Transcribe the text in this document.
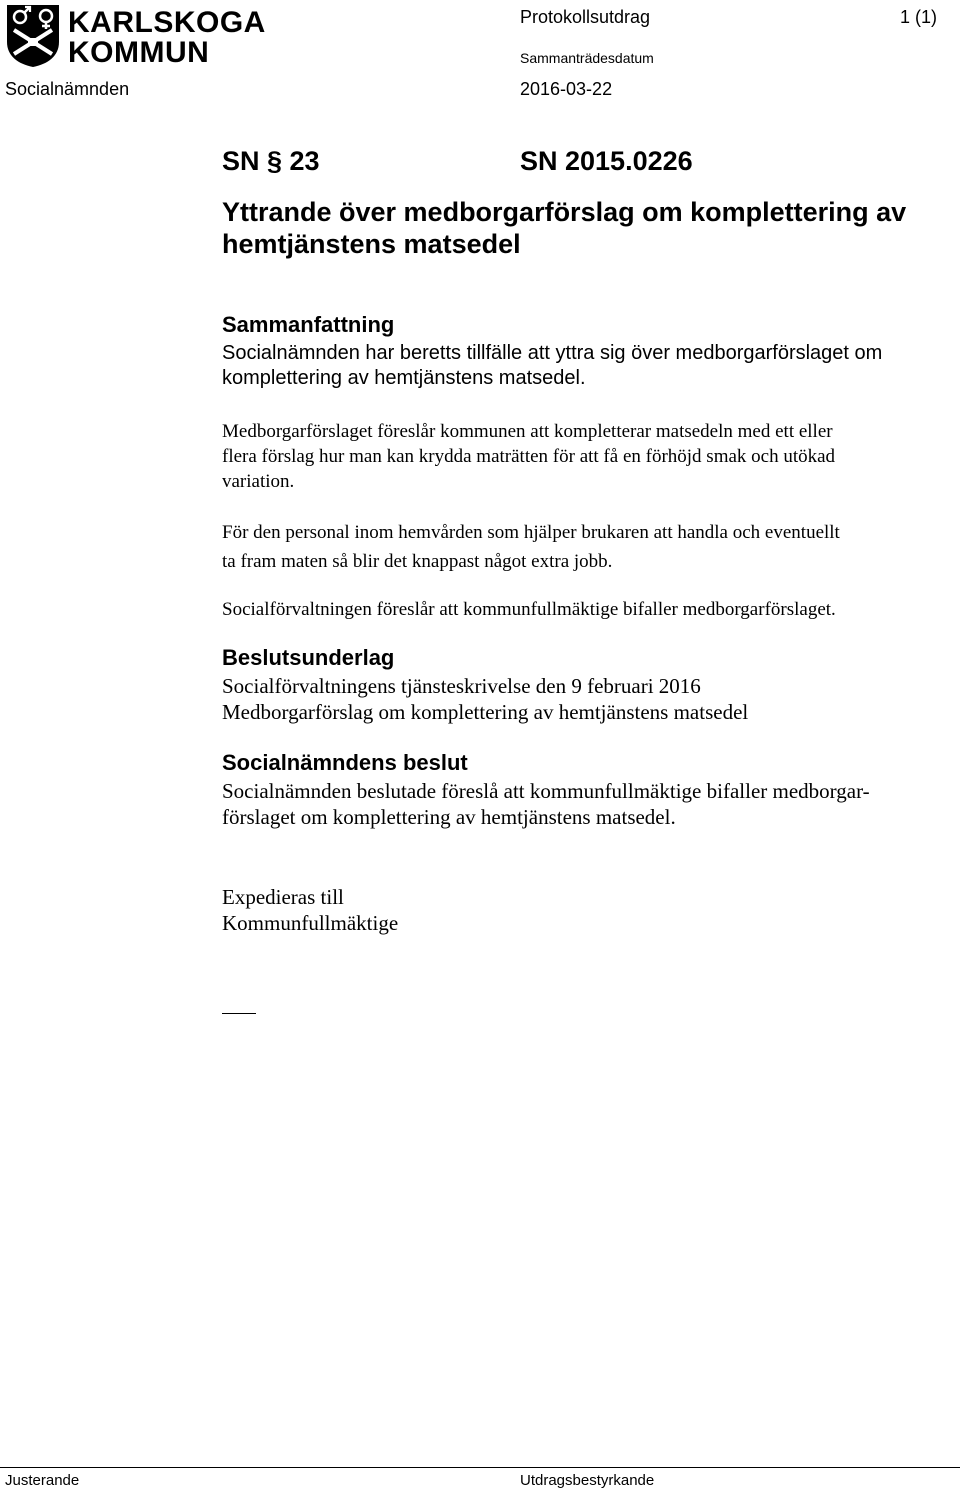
KARLSKOGA
KOMMUN
Protokollsutdrag	1 (1)
Sammanträdesdatum
Socialnämnden	2016-03-22
SN § 23	SN 2015.0226
Yttrande över medborgarförslag om komplettering av
hemtjänstens matsedel
Sammanfattning
Socialnämnden har beretts tillfälle att yttra sig över medborgarförslaget om
komplettering av hemtjänstens matsedel.
Medborgarförslaget föreslår kommunen att kompletterar matsedeln med ett eller
flera förslag hur man kan krydda maträtten för att få en förhöjd smak och utökad
variation.
För den personal inom hemvården som hjälper brukaren att handla och eventuellt
ta fram maten så blir det knappast något extra jobb.
Socialförvaltningen föreslår att kommunfullmäktige bifaller medborgarförslaget.
Beslutsunderlag
Socialförvaltningens tjänsteskrivelse den 9 februari 2016
Medborgarförslag om komplettering av hemtjänstens matsedel
Socialnämndens beslut
Socialnämnden beslutade föreslå att kommunfullmäktige bifaller medborgar-
förslaget om komplettering av hemtjänstens matsedel.
Expedieras till
Kommunfullmäktige
Justerande	Utdragsbestyrkande
